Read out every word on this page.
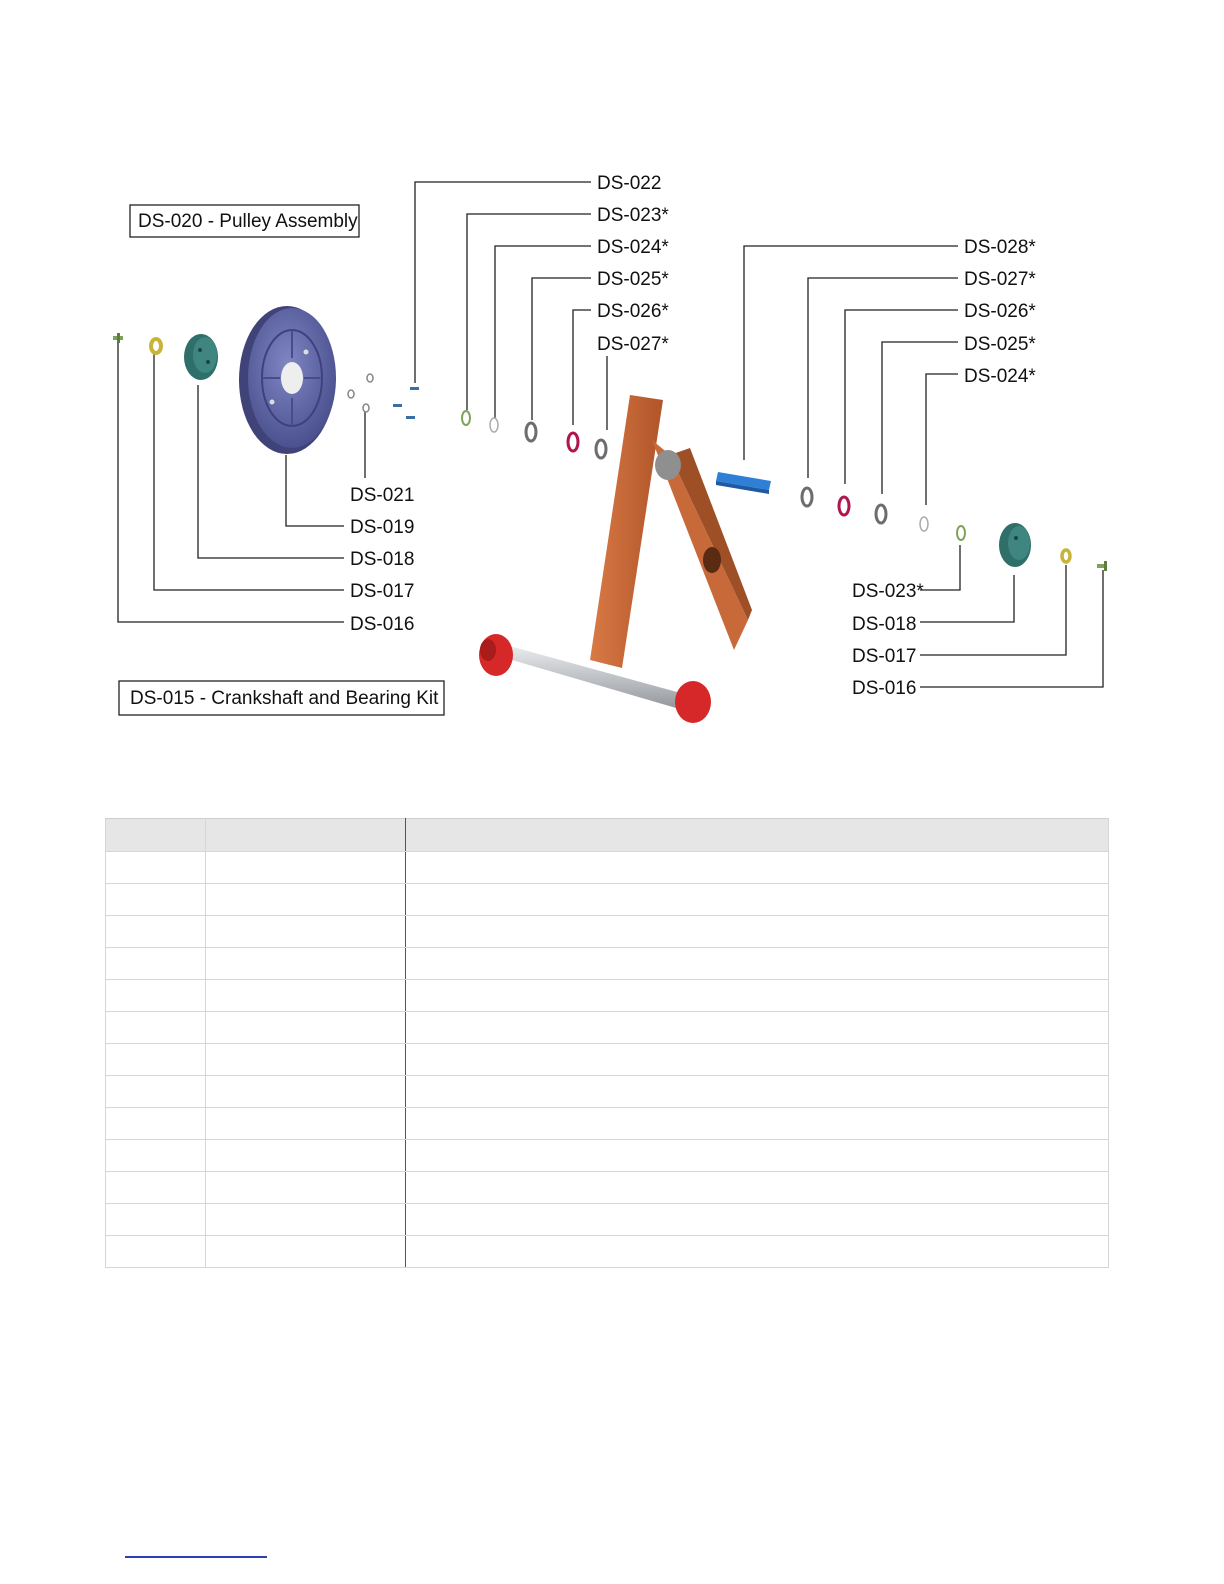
DS-020 - Pulley Assembly
DS-015 - Crankshaft and Bearing Kit
DS-022
DS-023*
DS-024*
DS-025*
DS-026*
DS-027*
DS-021
DS-019
DS-018
DS-017
DS-016
DS-028*
DS-027*
DS-026*
DS-025*
DS-024*
DS-023*
DS-018
DS-017
DS-016
